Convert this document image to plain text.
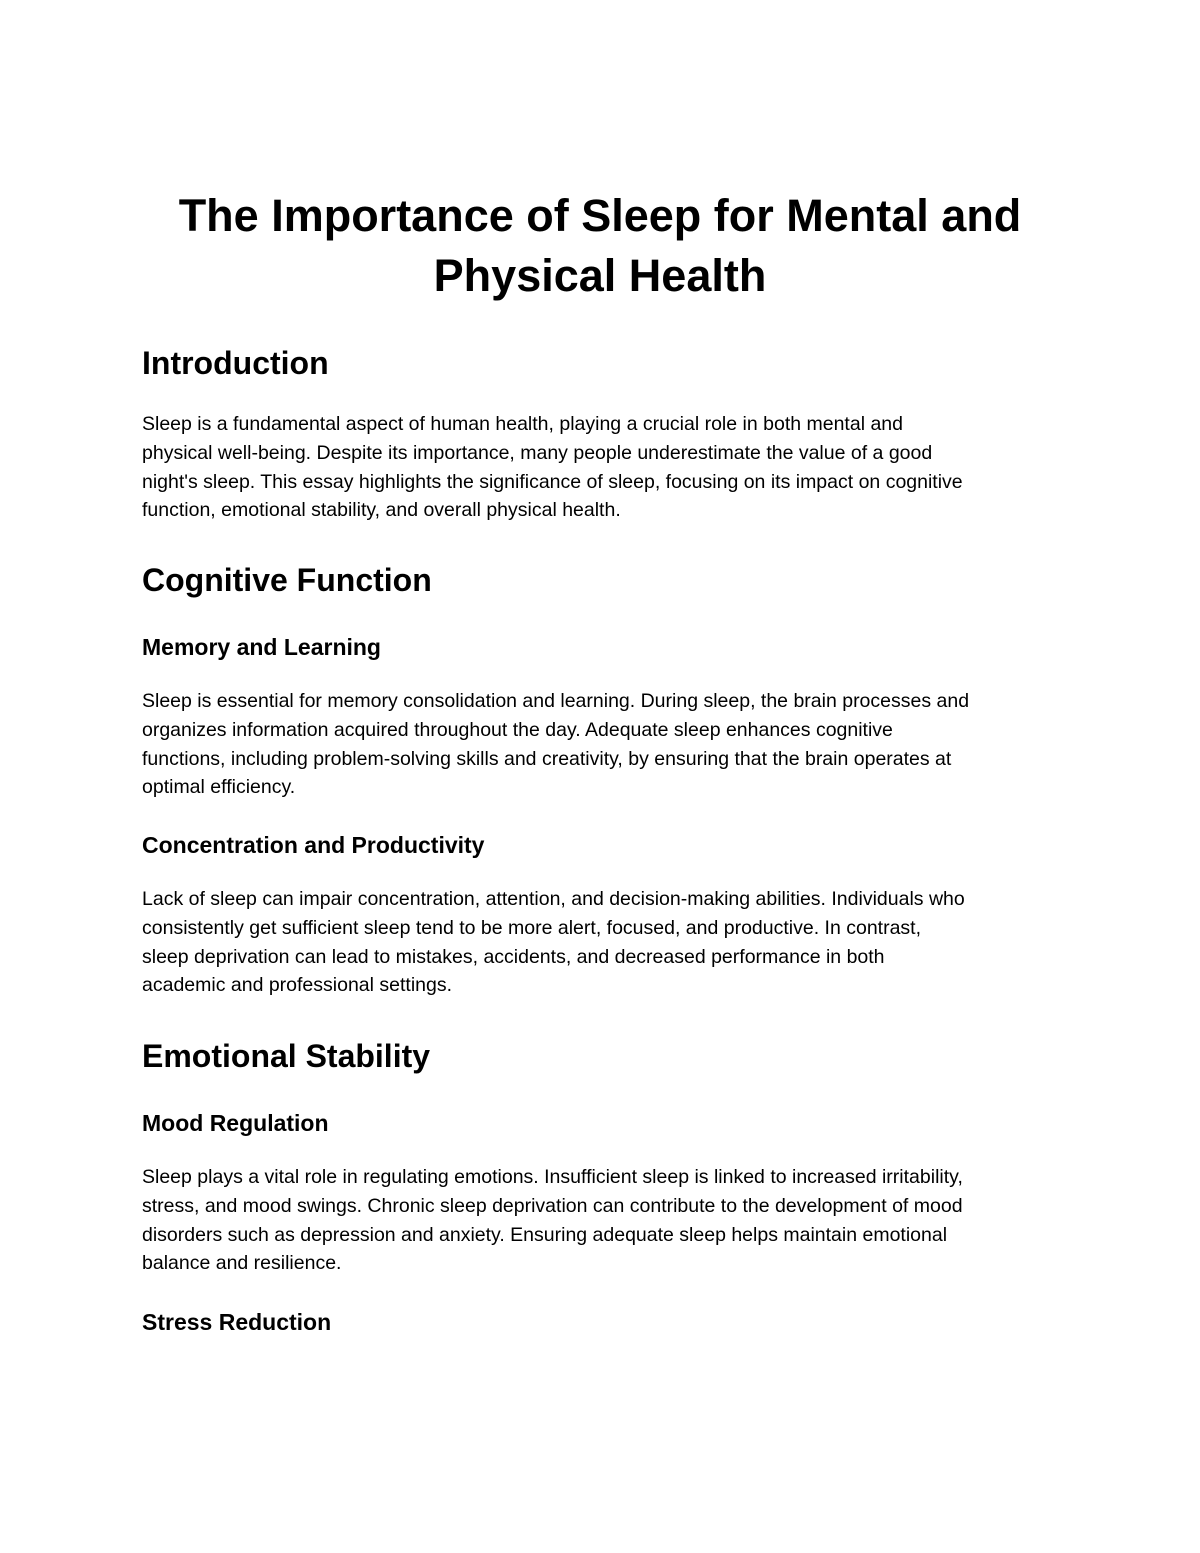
The Importance of Sleep for Mental and
Physical Health
Introduction

Sleep is a fundamental aspect of human health, playing a crucial role in both mental and
physical well-being. Despite its importance, many people underestimate the value of a good
night's sleep. This essay highlights the significance of sleep, focusing on its impact on cognitive
function, emotional stability, and overall physical health.

Cognitive Function
Memory and Learning

Sleep is essential for memory consolidation and learning. During sleep, the brain processes and
organizes information acquired throughout the day. Adequate sleep enhances cognitive
functions, including problem-solving skills and creativity, by ensuring that the brain operates at
optimal efficiency.

Concentration and Productivity

Lack of sleep can impair concentration, attention, and decision-making abilities. Individuals who
consistently get sufficient sleep tend to be more alert, focused, and productive. In contrast,
sleep deprivation can lead to mistakes, accidents, and decreased performance in both
academic and professional settings.

Emotional Stability
Mood Regulation

Sleep plays a vital role in regulating emotions. Insufficient sleep is linked to increased irritability,
stress, and mood swings. Chronic sleep deprivation can contribute to the development of mood
disorders such as depression and anxiety. Ensuring adequate sleep helps maintain emotional
balance and resilience.

Stress Reduction
